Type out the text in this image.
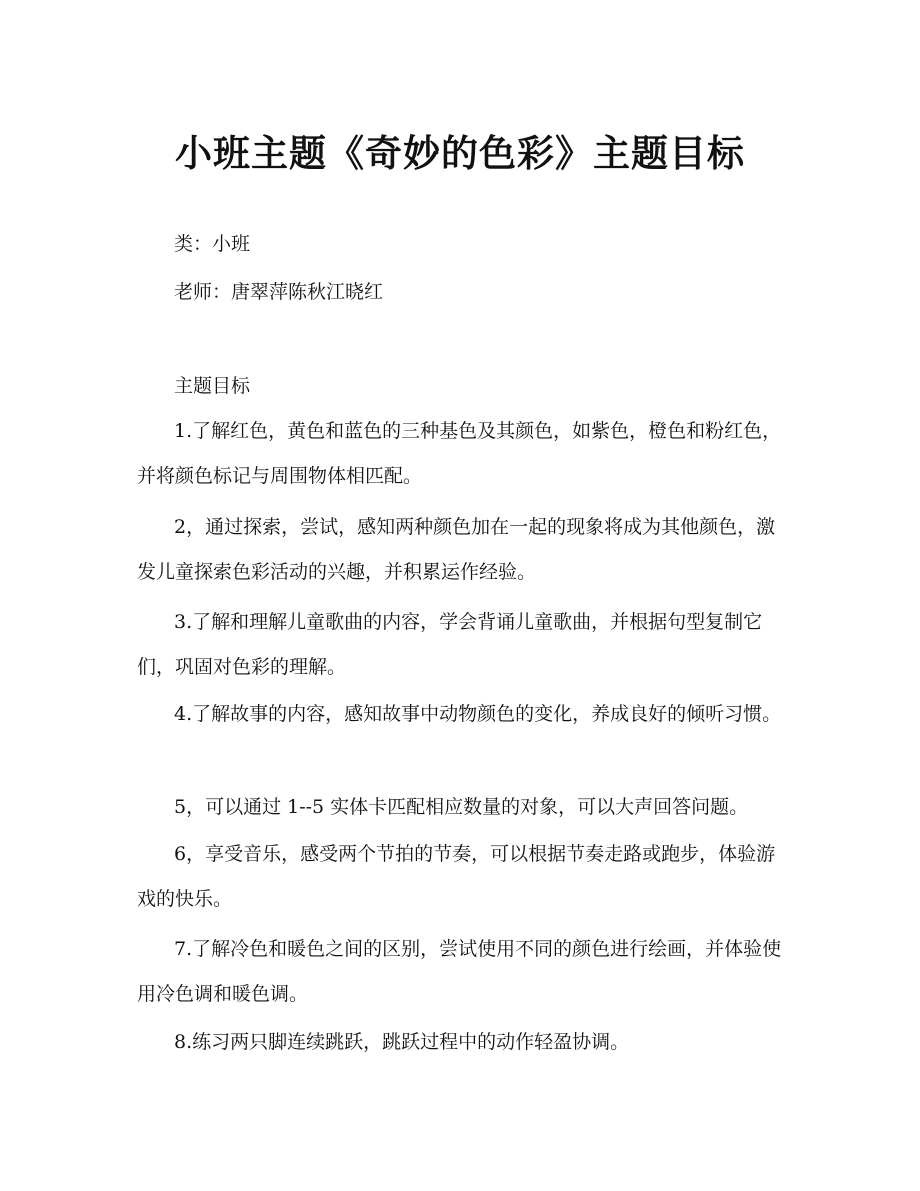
小班主题《奇妙的色彩》主题目标

类：小班

老师：唐翠萍陈秋江晓红

主题目标

1.了解红色，黄色和蓝色的三种基色及其颜色，如紫色，橙色和粉红色，并将颜色标记与周围物体相匹配。

2，通过探索，尝试，感知两种颜色加在一起的现象将成为其他颜色，激发儿童探索色彩活动的兴趣，并积累运作经验。

3.了解和理解儿童歌曲的内容，学会背诵儿童歌曲，并根据句型复制它们，巩固对色彩的理解。

4.了解故事的内容，感知故事中动物颜色的变化，养成良好的倾听习惯。

5，可以通过 1--5 实体卡匹配相应数量的对象，可以大声回答问题。

6，享受音乐，感受两个节拍的节奏，可以根据节奏走路或跑步，体验游戏的快乐。

7.了解冷色和暖色之间的区别，尝试使用不同的颜色进行绘画，并体验使用冷色调和暖色调。

8.练习两只脚连续跳跃，跳跃过程中的动作轻盈协调。
